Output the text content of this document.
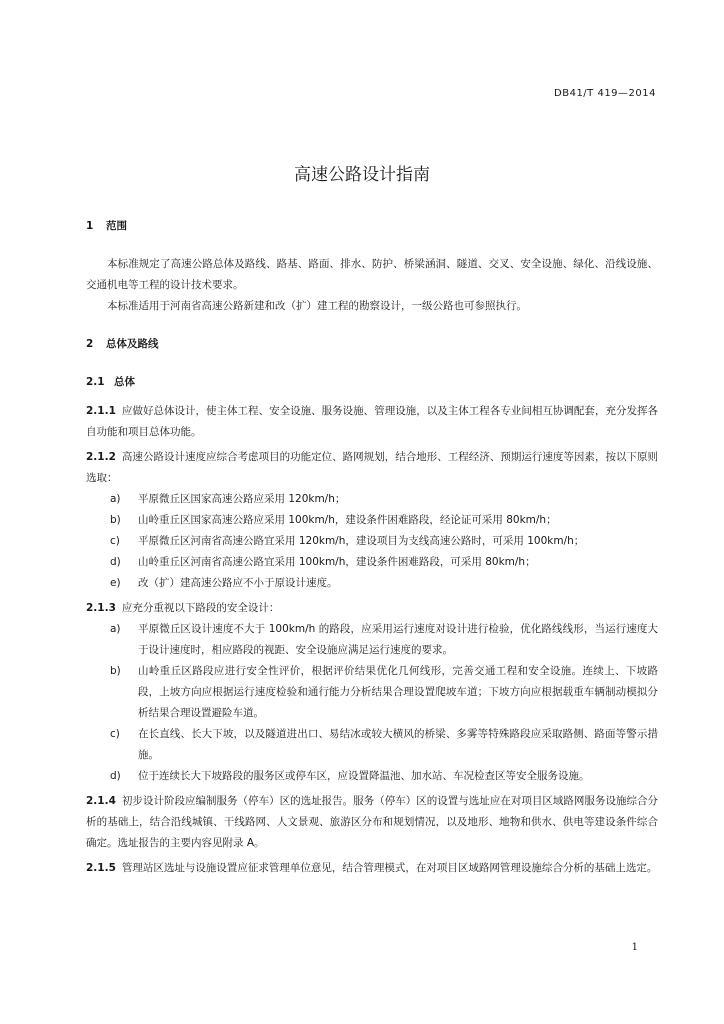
DB41/T 419—2014
高速公路设计指南

1 范围

本标准规定了高速公路总体及路线、路基、路面、排水、防护、桥梁涵洞、隧道、交叉、安全设施、绿化、沿线设施、交通机电等工程的设计技术要求。

本标准适用于河南省高速公路新建和改（扩）建工程的勘察设计，一级公路也可参照执行。

2 总体及路线

2.1 总体

2.1.1 应做好总体设计，使主体工程、安全设施、服务设施、管理设施，以及主体工程各专业间相互协调配套，充分发挥各自功能和项目总体功能。

2.1.2 高速公路设计速度应综合考虑项目的功能定位、路网规划，结合地形、工程经济、预期运行速度等因素，按以下原则选取：

a) 平原微丘区国家高速公路应采用 120km/h；

b) 山岭重丘区国家高速公路应采用 100km/h，建设条件困难路段，经论证可采用 80km/h；

c) 平原微丘区河南省高速公路宜采用 120km/h，建设项目为支线高速公路时，可采用 100km/h；

d) 山岭重丘区河南省高速公路宜采用 100km/h，建设条件困难路段，可采用 80km/h；

e) 改（扩）建高速公路应不小于原设计速度。

2.1.3 应充分重视以下路段的安全设计：

a) 平原微丘区设计速度不大于 100km/h 的路段，应采用运行速度对设计进行检验，优化路线线形，当运行速度大于设计速度时，相应路段的视距、安全设施应满足运行速度的要求。

b) 山岭重丘区路段应进行安全性评价，根据评价结果优化几何线形，完善交通工程和安全设施。连续上、下坡路段，上坡方向应根据运行速度检验和通行能力分析结果合理设置爬坡车道；下坡方向应根据载重车辆制动模拟分析结果合理设置避险车道。

c) 在长直线、长大下坡，以及隧道进出口、易结冰或较大横风的桥梁、多雾等特殊路段应采取路侧、路面等警示措施。

d) 位于连续长大下坡路段的服务区或停车区，应设置降温池、加水站、车况检查区等安全服务设施。

2.1.4 初步设计阶段应编制服务（停车）区的选址报告。服务（停车）区的设置与选址应在对项目区域路网服务设施综合分析的基础上，结合沿线城镇、干线路网、人文景观、旅游区分布和规划情况，以及地形、地物和供水、供电等建设条件综合确定。选址报告的主要内容见附录 A。

2.1.5 管理站区选址与设施设置应征求管理单位意见，结合管理模式，在对项目区域路网管理设施综合分析的基础上选定。

1
